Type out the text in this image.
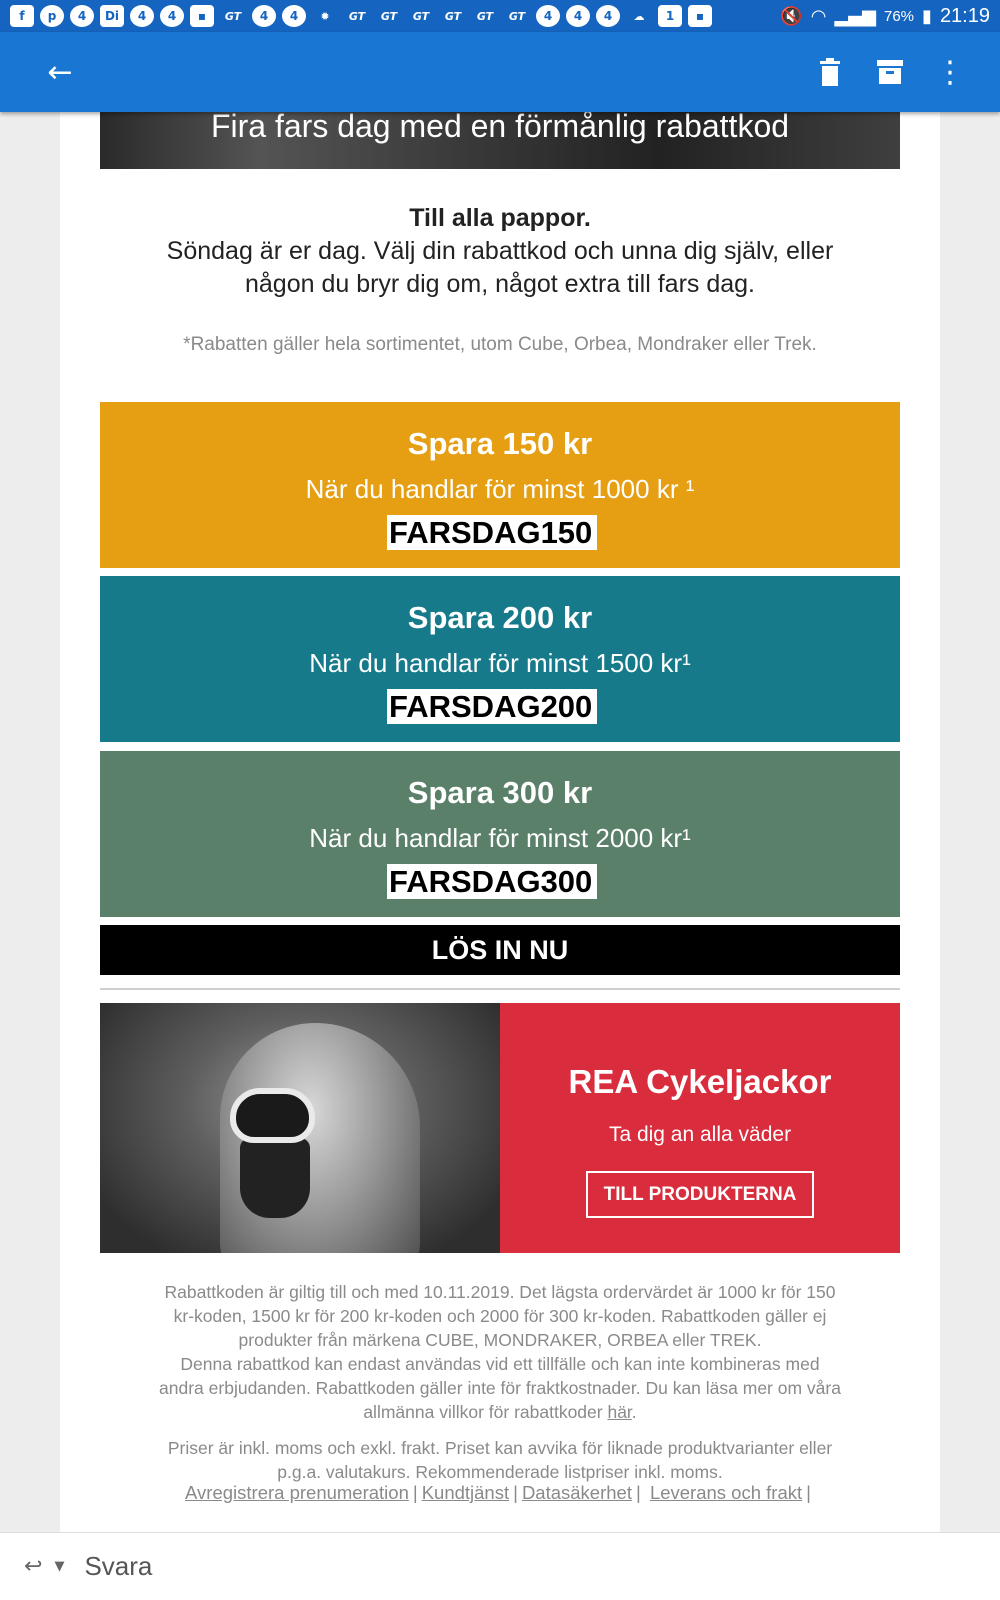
f	p	4	Di	4	4	▪	GT	4	4	✹	GT	GT	GT	GT	GT	GT	4	4	4	☁	1	▪	🔇 ◠ ▂▄▆ 76% ▮ 21:19
←	⋮
Fira fars dag med en förmånlig rabattkod
Till alla pappor.
Söndag är er dag. Välj din rabattkod och unna dig själv, eller
någon du bryr dig om, något extra till fars dag.
*Rabatten gäller hela sortimentet, utom Cube, Orbea, Mondraker eller Trek.
Spara 150 kr
När du handlar för minst 1000 kr ¹
FARSDAG150
Spara 200 kr
När du handlar för minst 1500 kr¹
FARSDAG200
Spara 300 kr
När du handlar för minst 2000 kr¹
FARSDAG300
LÖS IN NU
REA Cykeljackor
Ta dig an alla väder
TILL PRODUKTERNA

Rabattkoden är giltig till och med 10.11.2019. Det lägsta ordervärdet är 1000 kr för 150

kr-koden, 1500 kr för 200 kr-koden och 2000 för 300 kr-koden. Rabattkoden gäller ej

produkter från märkena CUBE, MONDRAKER, ORBEA eller TREK.

Denna rabattkod kan endast användas vid ett tillfälle och kan inte kombineras med

andra erbjudanden. Rabattkoden gäller inte för fraktkostnader. Du kan läsa mer om våra

allmänna villkor för rabattkoder här.

Priser är inkl. moms och exkl. frakt. Priset kan avvika för liknade produktvarianter eller

p.g.a. valutakurs. Rekommenderade listpriser inkl. moms.

Avregistrera prenumeration | Kundtjänst | Datasäkerhet | Leverans och frakt |
↩ ▼ Svara
